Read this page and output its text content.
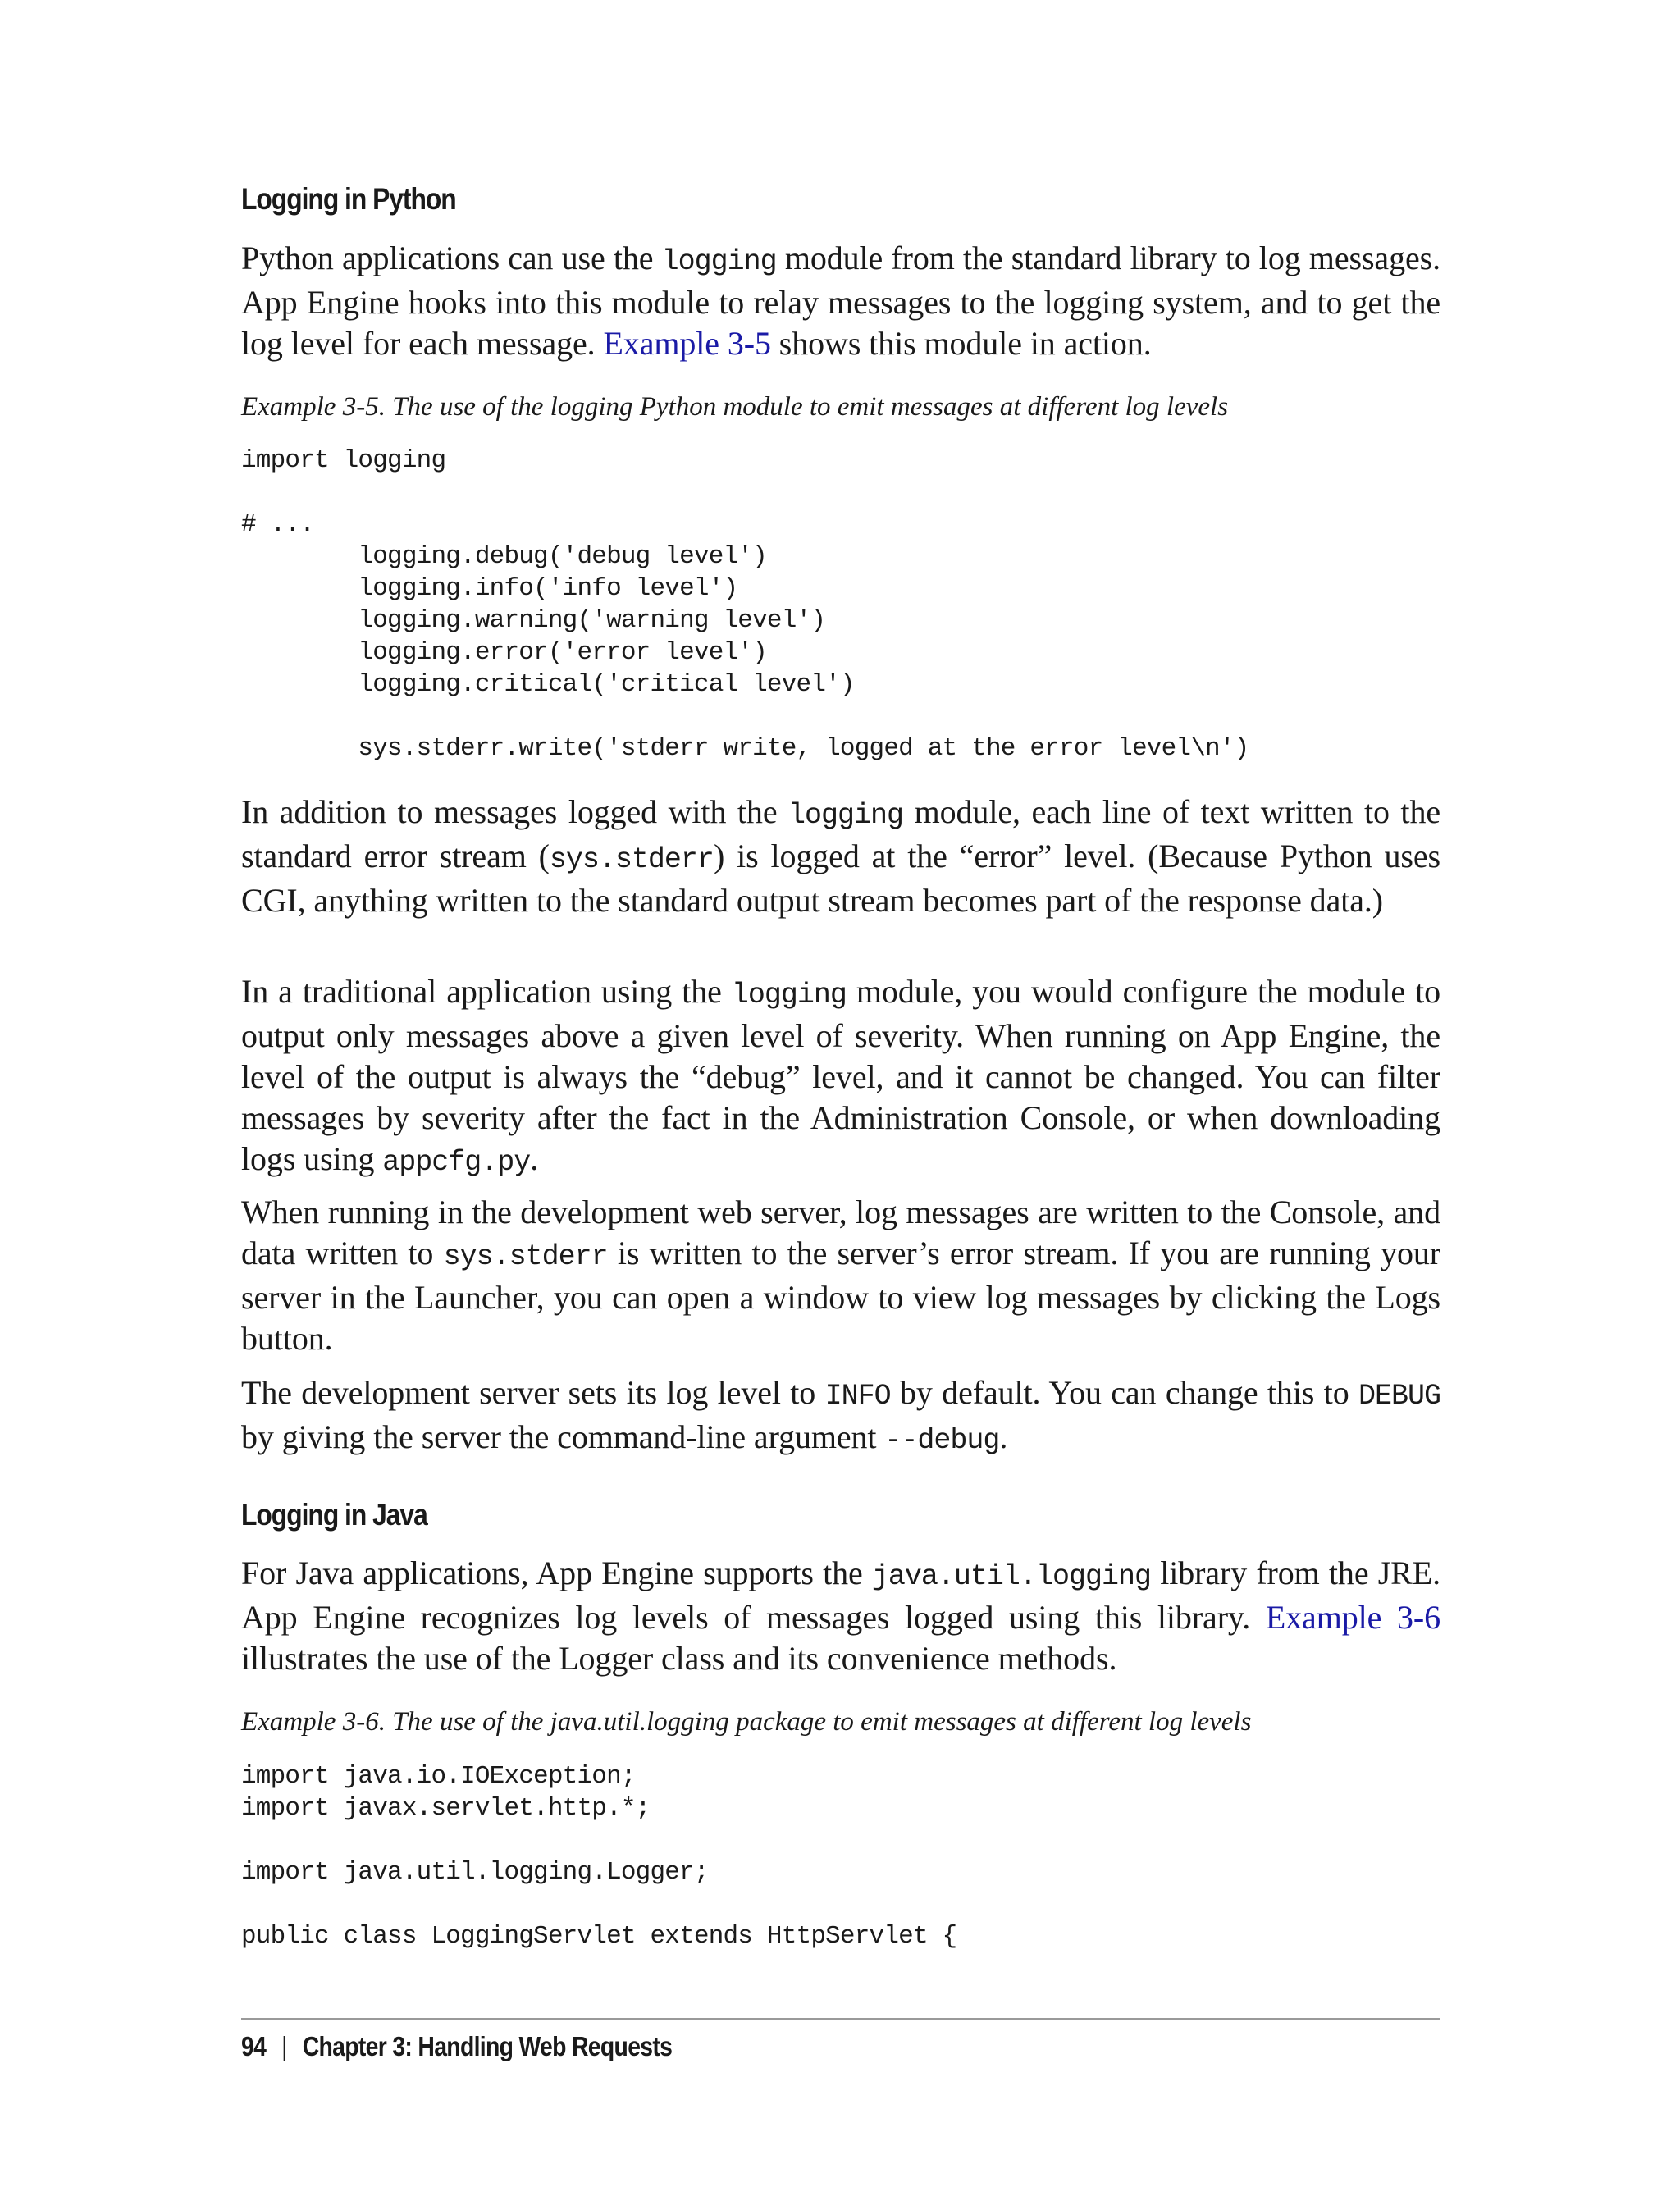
Logging in Python

Python applications can use the logging module from the standard library to log messages. App Engine hooks into this module to relay messages to the logging system, and to get the log level for each message. Example 3-5 shows this module in action.

Example 3-5. The use of the logging Python module to emit messages at different log levels

import logging

# ...
logging.debug('debug level')
logging.info('info level')
logging.warning('warning level')
logging.error('error level')
logging.critical('critical level')

sys.stderr.write('stderr write, logged at the error level\n')

In addition to messages logged with the logging module, each line of text written to the standard error stream (sys.stderr) is logged at the “error” level. (Because Python uses CGI, anything written to the standard output stream becomes part of the response data.)

In a traditional application using the logging module, you would configure the module to output only messages above a given level of severity. When running on App Engine, the level of the output is always the “debug” level, and it cannot be changed. You can filter messages by severity after the fact in the Administration Console, or when downloading logs using appcfg.py.

When running in the development web server, log messages are written to the Console, and data written to sys.stderr is written to the server’s error stream. If you are running your server in the Launcher, you can open a window to view log messages by clicking the Logs button.

The development server sets its log level to INFO by default. You can change this to DEBUG by giving the server the command-line argument --debug.

Logging in Java

For Java applications, App Engine supports the java.util.logging library from the JRE. App Engine recognizes log levels of messages logged using this library. Example 3-6 illustrates the use of the Logger class and its convenience methods.

Example 3-6. The use of the java.util.logging package to emit messages at different log levels

import java.io.IOException;
import javax.servlet.http.*;

import java.util.logging.Logger;

public class LoggingServlet extends HttpServlet {
94 | Chapter 3: Handling Web Requests
